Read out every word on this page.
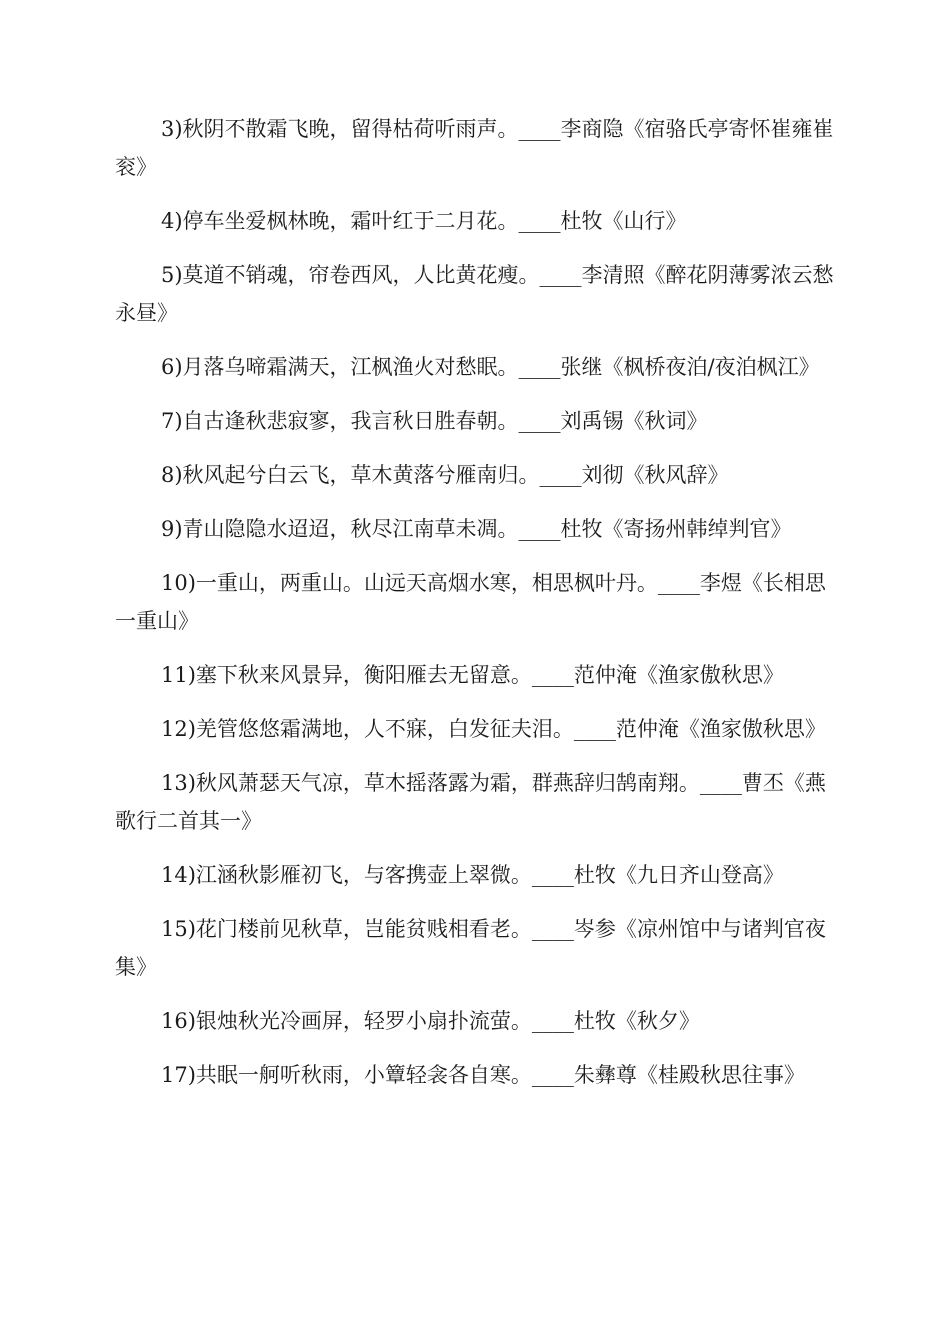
3)秋阴不散霜飞晚，留得枯荷听雨声。____李商隐《宿骆氏亭寄怀崔雍崔衮》

4)停车坐爱枫林晚，霜叶红于二月花。____杜牧《山行》

5)莫道不销魂，帘卷西风，人比黄花瘦。____李清照《醉花阴薄雾浓云愁永昼》

6)月落乌啼霜满天，江枫渔火对愁眠。____张继《枫桥夜泊/夜泊枫江》

7)自古逢秋悲寂寥，我言秋日胜春朝。____刘禹锡《秋词》

8)秋风起兮白云飞，草木黄落兮雁南归。____刘彻《秋风辞》

9)青山隐隐水迢迢，秋尽江南草未凋。____杜牧《寄扬州韩绰判官》

10)一重山，两重山。山远天高烟水寒，相思枫叶丹。____李煜《长相思一重山》

11)塞下秋来风景异，衡阳雁去无留意。____范仲淹《渔家傲秋思》

12)羌管悠悠霜满地，人不寐，白发征夫泪。____范仲淹《渔家傲秋思》

13)秋风萧瑟天气凉，草木摇落露为霜，群燕辞归鹄南翔。____曹丕《燕歌行二首其一》

14)江涵秋影雁初飞，与客携壶上翠微。____杜牧《九日齐山登高》

15)花门楼前见秋草，岂能贫贱相看老。____岑参《凉州馆中与诸判官夜集》

16)银烛秋光冷画屏，轻罗小扇扑流萤。____杜牧《秋夕》

17)共眠一舸听秋雨，小簟轻衾各自寒。____朱彝尊《桂殿秋思往事》
